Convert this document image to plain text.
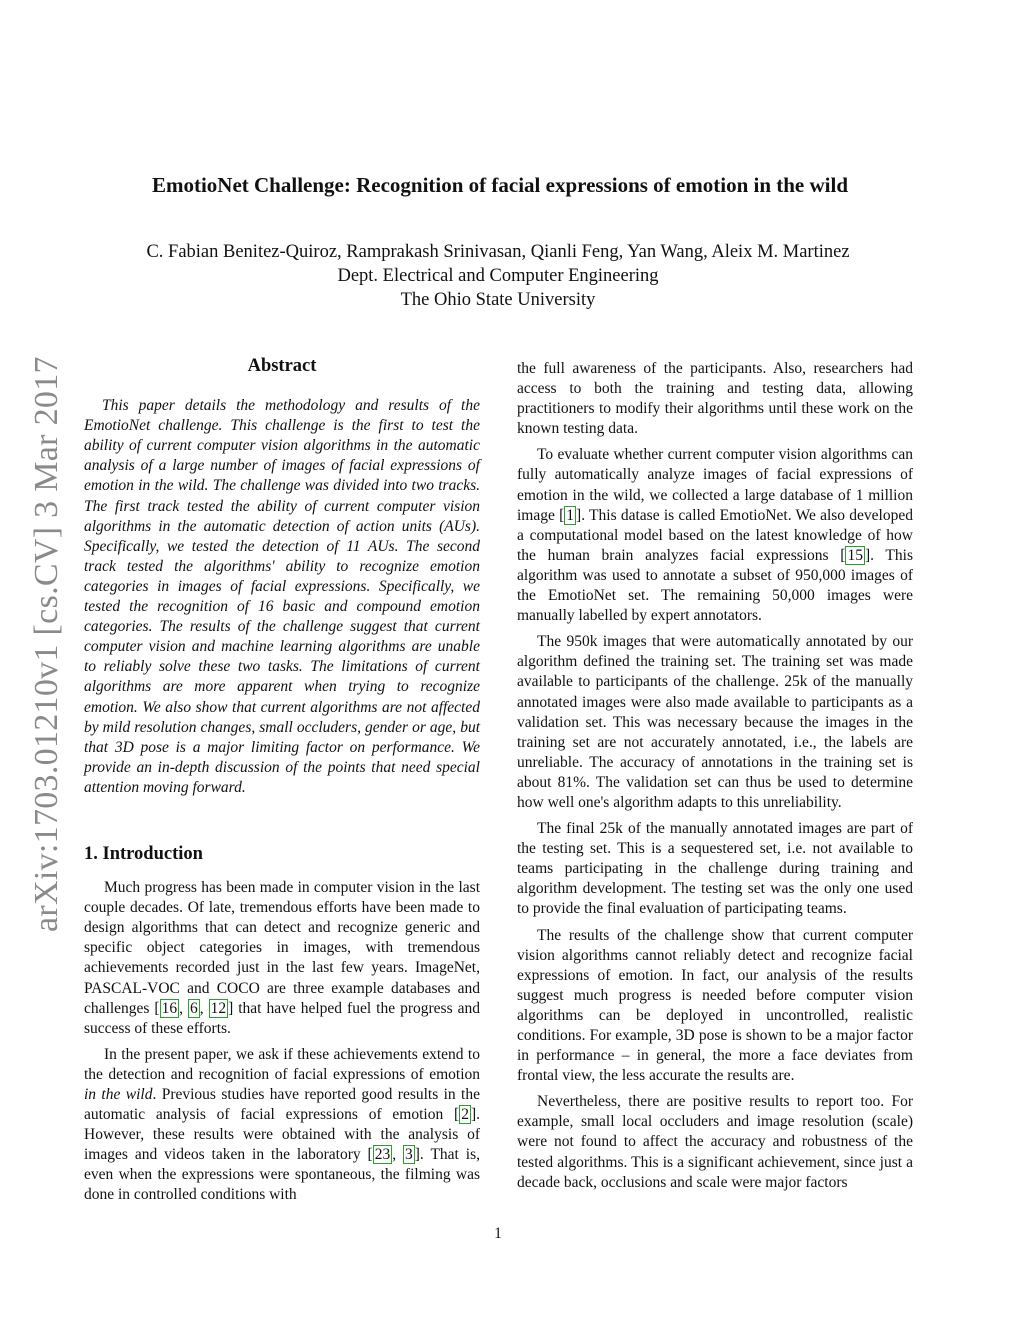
arXiv:1703.01210v1 [cs.CV] 3 Mar 2017
EmotioNet Challenge: Recognition of facial expressions of emotion in the wild
C. Fabian Benitez-Quiroz, Ramprakash Srinivasan, Qianli Feng, Yan Wang, Aleix M. Martinez
Dept. Electrical and Computer Engineering
The Ohio State University
Abstract

This paper details the methodology and results of the EmotioNet challenge. This challenge is the first to test the ability of current computer vision algorithms in the automatic analysis of a large number of images of facial expressions of emotion in the wild. The challenge was divided into two tracks. The first track tested the ability of current computer vision algorithms in the automatic detection of action units (AUs). Specifically, we tested the detection of 11 AUs. The second track tested the algorithms' ability to recognize emotion categories in images of facial expressions. Specifically, we tested the recognition of 16 basic and compound emotion categories. The results of the challenge suggest that current computer vision and machine learning algorithms are unable to reliably solve these two tasks. The limitations of current algorithms are more apparent when trying to recognize emotion. We also show that current algorithms are not affected by mild resolution changes, small occluders, gender or age, but that 3D pose is a major limiting factor on performance. We provide an in-depth discussion of the points that need special attention moving forward.

1. Introduction

Much progress has been made in computer vision in the last couple decades. Of late, tremendous efforts have been made to design algorithms that can detect and recognize generic and specific object categories in images, with tremendous achievements recorded just in the last few years. ImageNet, PASCAL-VOC and COCO are three example databases and challenges [ 16 , 6 , 12 ] that have helped fuel the progress and success of these efforts.

In the present paper, we ask if these achievements extend to the detection and recognition of facial expressions of emotion in the wild. Previous studies have reported good results in the automatic analysis of facial expressions of emotion [ 2 ]. However, these results were obtained with the analysis of images and videos taken in the laboratory [ 23 , 3 ]. That is, even when the expressions were spontaneous, the filming was done in controlled conditions with

the full awareness of the participants. Also, researchers had access to both the training and testing data, allowing practitioners to modify their algorithms until these work on the known testing data.

To evaluate whether current computer vision algorithms can fully automatically analyze images of facial expressions of emotion in the wild, we collected a large database of 1 million image [ 1 ]. This datase is called EmotioNet. We also developed a computational model based on the latest knowledge of how the human brain analyzes facial expressions [ 15 ]. This algorithm was used to annotate a subset of 950,000 images of the EmotioNet set. The remaining 50,000 images were manually labelled by expert annotators.

The 950k images that were automatically annotated by our algorithm defined the training set. The training set was made available to participants of the challenge. 25k of the manually annotated images were also made available to participants as a validation set. This was necessary because the images in the training set are not accurately annotated, i.e., the labels are unreliable. The accuracy of annotations in the training set is about 81%. The validation set can thus be used to determine how well one's algorithm adapts to this unreliability.

The final 25k of the manually annotated images are part of the testing set. This is a sequestered set, i.e. not available to teams participating in the challenge during training and algorithm development. The testing set was the only one used to provide the final evaluation of participating teams.

The results of the challenge show that current computer vision algorithms cannot reliably detect and recognize facial expressions of emotion. In fact, our analysis of the results suggest much progress is needed before computer vision algorithms can be deployed in uncontrolled, realistic conditions. For example, 3D pose is shown to be a major factor in performance – in general, the more a face deviates from frontal view, the less accurate the results are.

Nevertheless, there are positive results to report too. For example, small local occluders and image resolution (scale) were not found to affect the accuracy and robustness of the tested algorithms. This is a significant achievement, since just a decade back, occlusions and scale were major factors

1
